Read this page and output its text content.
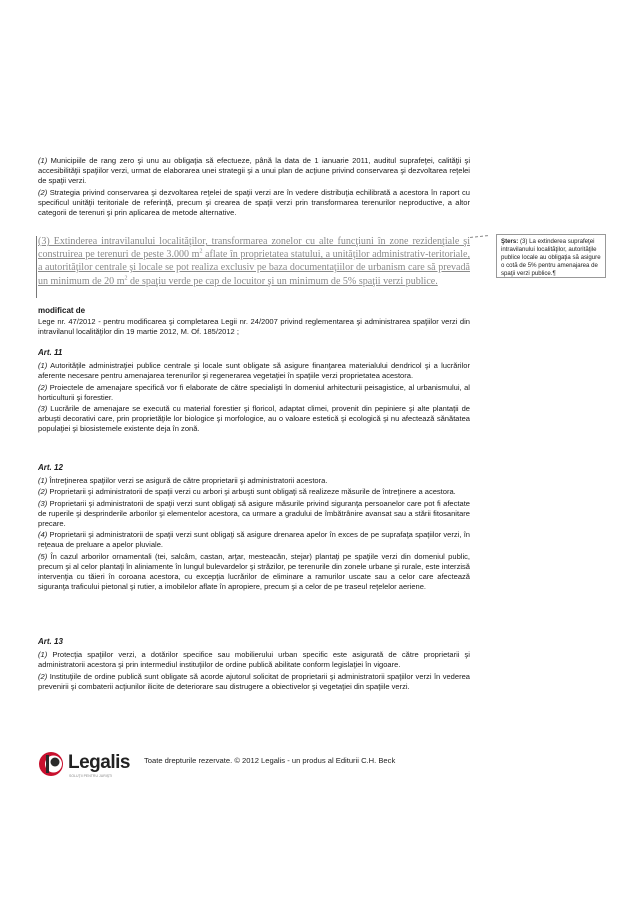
(1) Municipiile de rang zero şi unu au obligaţia să efectueze, până la data de 1 ianuarie 2011, auditul suprafeţei, calităţii şi accesibilităţii spaţiilor verzi, urmat de elaborarea unei strategii şi a unui plan de acţiune privind conservarea şi dezvoltarea reţelei de spaţii verzi.

(2) Strategia privind conservarea şi dezvoltarea reţelei de spaţii verzi are în vedere distribuţia echilibrată a acestora în raport cu specificul unităţii teritoriale de referinţă, precum şi crearea de spaţii verzi prin transformarea terenurilor neproductive, a altor categorii de terenuri şi prin aplicarea de metode alternative.

(3) Extinderea intravilanului localităţilor, transformarea zonelor cu alte funcţiuni în zone rezidenţiale şi construirea pe terenuri de peste 3.000 $m^2$ aflate în proprietatea statului, a unităţilor administrativ-teritoriale, a autorităţilor centrale şi locale se pot realiza exclusiv pe baza documentaţiilor de urbanism care să prevadă un minimum de 20 $m^2$ de spaţiu verde pe cap de locuitor şi un minimum de 5% spaţii verzi publice.
Şters: (3) La extinderea suprafeţei intravilanului localităţilor, autorităţile publice locale au obligaţia să asigure o cotă de 5% pentru amenajarea de spaţii verzi publice.¶

modificat de

Lege nr. 47/2012 - pentru modificarea şi completarea Legii nr. 24/2007 privind reglementarea şi administrarea spaţiilor verzi din intravilanul localităţilor din 19 martie 2012, M. Of. 185/2012 ;

Art. 11

(1) Autorităţile administraţiei publice centrale şi locale sunt obligate să asigure finanţarea materialului dendricol şi a lucrărilor aferente necesare pentru amenajarea terenurilor şi regenerarea vegetaţiei în spaţiile verzi proprietatea acestora.

(2) Proiectele de amenajare specifică vor fi elaborate de către specialişti în domeniul arhitecturii peisagistice, al urbanismului, al horticulturii şi forestier.

(3) Lucrările de amenajare se execută cu material forestier şi floricol, adaptat climei, provenit din pepiniere şi alte plantaţii de arbuşti decorativi care, prin proprietăţile lor biologice şi morfologice, au o valoare estetică şi ecologică şi nu afectează sănătatea populaţiei şi biosistemele existente deja în zonă.

Art. 12

(1) Întreţinerea spaţiilor verzi se asigură de către proprietarii şi administratorii acestora.

(2) Proprietarii şi administratorii de spaţii verzi cu arbori şi arbuşti sunt obligaţi să realizeze măsurile de întreţinere a acestora.

(3) Proprietarii şi administratorii de spaţii verzi sunt obligaţi să asigure măsurile privind siguranţa persoanelor care pot fi afectate de ruperile şi desprinderile arborilor şi elementelor acestora, ca urmare a gradului de îmbătrânire avansat sau a stării fitosanitare precare.

(4) Proprietarii şi administratorii de spaţii verzi sunt obligaţi să asigure drenarea apelor în exces de pe suprafaţa spaţiilor verzi, în reţeaua de preluare a apelor pluviale.

(5) În cazul arborilor ornamentali (tei, salcâm, castan, arţar, mesteacăn, stejar) plantaţi pe spaţiile verzi din domeniul public, precum şi al celor plantaţi în aliniamente în lungul bulevardelor şi străzilor, pe terenurile din zonele urbane şi rurale, este interzisă intervenţia cu tăieri în coroana acestora, cu excepţia lucrărilor de eliminare a ramurilor uscate sau a celor care afectează siguranţa traficului pietonal şi rutier, a imobilelor aflate în apropiere, precum şi a celor de pe traseul reţelelor aeriene.

Art. 13

(1) Protecţia spaţiilor verzi, a dotărilor specifice sau mobilierului urban specific este asigurată de către proprietarii şi administratorii acestora şi prin intermediul instituţiilor de ordine publică abilitate conform legislaţiei în vigoare.

(2) Instituţiile de ordine publică sunt obligate să acorde ajutorul solicitat de proprietarii şi administratorii spaţiilor verzi în vederea prevenirii şi combaterii acţiunilor ilicite de deteriorare sau distrugere a obiectivelor şi vegetaţiei din spaţiile verzi.

Legalis
SOLUŢII PENTRU JURIŞTI
Toate drepturile rezervate. © 2012 Legalis - un produs al Editurii C.H. Beck
